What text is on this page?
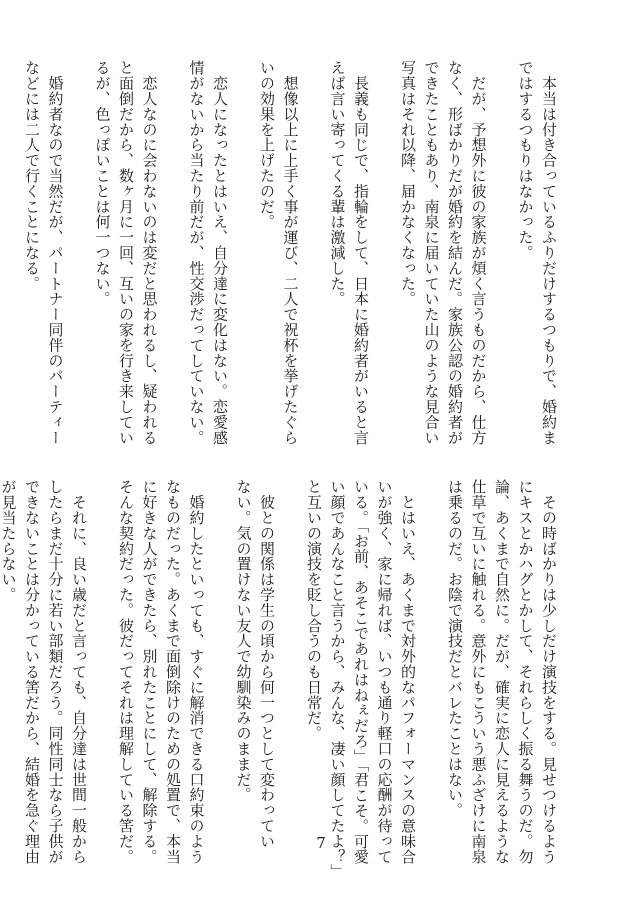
　本当は付き合っているふりだけするつもりで、婚約ま
ではするつもりはなかった。

　だが、予想外に彼の家族が煩く言うものだから、仕方
なく、形ばかりだが婚約を結んだ。家族公認の婚約者が
できたこともあり、南泉に届いていた山のような見合い
写真はそれ以降、届かなくなった。

　長義も同じで、指輪をして、日本に婚約者がいると言
えば言い寄ってくる輩は激減した。

　想像以上に上手く事が運び、二人で祝杯を挙げたぐら
いの効果を上げたのだ。

　恋人になったとはいえ、自分達に変化はない。恋愛感
情がないから当たり前だが、性交渉だってしていない。

　恋人なのに会わないのは変だと思われるし、疑われる
と面倒だから、数ヶ月に一回、互いの家を行き来してい
るが、色っぽいことは何一つない。

　婚約者なので当然だが、パートナー同伴のパーティー
などには二人で行くことになる。
　その時ばかりは少しだけ演技をする。見せつけるよう
にキスとかハグとかして、それらしく振る舞うのだ。勿
論、あくまで自然に。だが、確実に恋人に見えるような
仕草で互いに触れる。意外にもこういう悪ふざけに南泉
は乗るのだ。お陰で演技だとバレたことはない。

　とはいえ、あくまで対外的なパフォーマンスの意味合
いが強く、家に帰れば、いつも通り軽口の応酬が待って
いる。「お前、あそこであれはねぇだろ」「君こそ。可愛
い顔であんなこと言うから、みんな、凄い顔してたよ？」
と互いの演技を貶し合うのも日常だ。

　彼との関係は学生の頃から何一つとして変わってい
ない。気の置けない友人で幼馴染みのままだ。

　婚約したといっても、すぐに解消できる口約束のよう
なものだった。あくまで面倒除けのための処置で、本当
に好きな人ができたら、別れたことにして、解除する。
そんな契約だった。彼だってそれは理解している筈だ。

　それに、良い歳だと言っても、自分達は世間一般から
したらまだ十分に若い部類だろう。同性同士なら子供が
できないことは分かっている筈だから、結婚を急ぐ理由
が見当たらない。
7
